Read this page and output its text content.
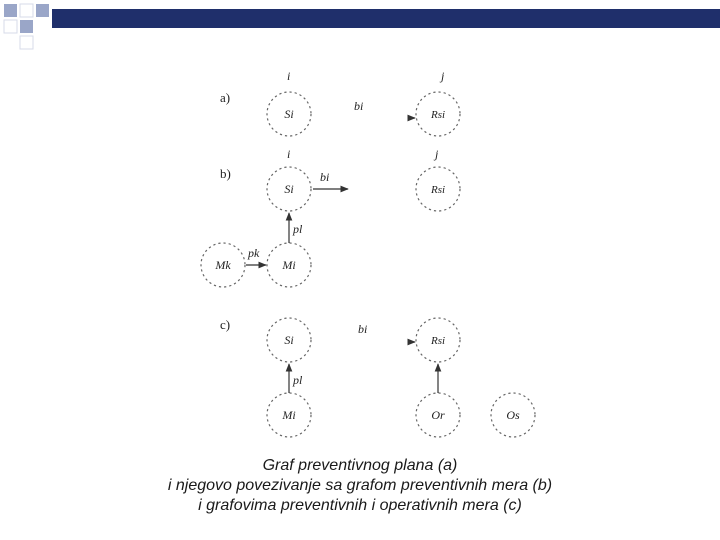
a)
b)
c)
i	j
i	j
Si	Rsi
Si	Rsi
Mk	Mi
Si	Rsi
Mi	Or	Os
bi
bi
pl
pk
bi
pl
Graf preventivnog plana (a)
i njegovo povezivanje sa grafom preventivnih mera (b)
i grafovima preventivnih i operativnih mera (c)
